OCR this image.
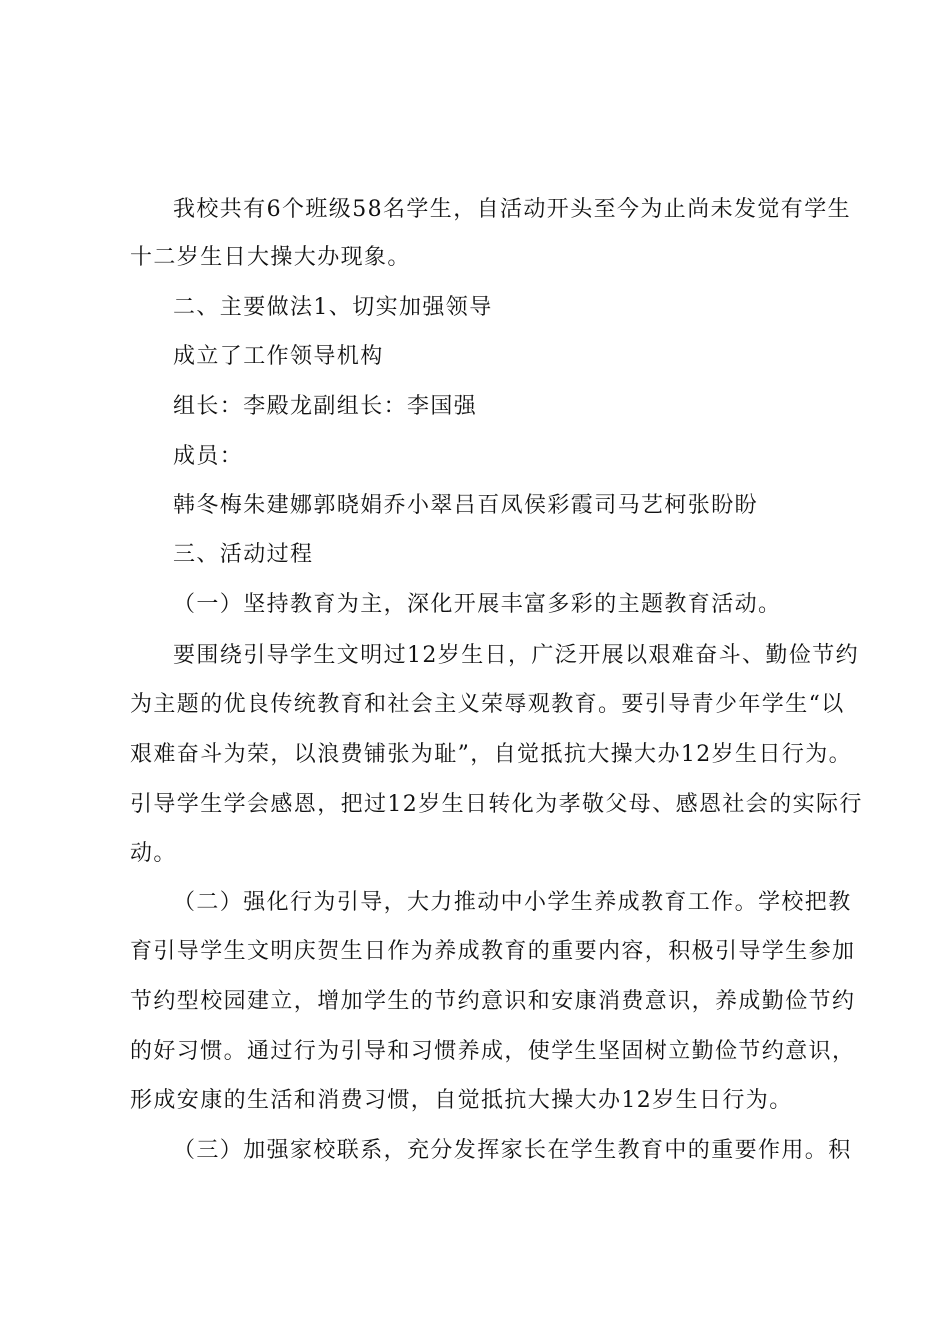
我校共有6个班级58名学生，自活动开头至今为止尚未发觉有学生
十二岁生日大操大办现象。
二、主要做法1、切实加强领导
成立了工作领导机构
组长：李殿龙副组长：李国强
成员：
韩冬梅朱建娜郭晓娟乔小翠吕百凤侯彩霞司马艺柯张盼盼
三、活动过程
（一）坚持教育为主，深化开展丰富多彩的主题教育活动。
要围绕引导学生文明过12岁生日，广泛开展以艰难奋斗、勤俭节约
为主题的优良传统教育和社会主义荣辱观教育。要引导青少年学生“以
艰难奋斗为荣，以浪费铺张为耻”，自觉抵抗大操大办12岁生日行为。
引导学生学会感恩，把过12岁生日转化为孝敬父母、感恩社会的实际行
动。
（二）强化行为引导，大力推动中小学生养成教育工作。学校把教
育引导学生文明庆贺生日作为养成教育的重要内容，积极引导学生参加
节约型校园建立，增加学生的节约意识和安康消费意识，养成勤俭节约
的好习惯。通过行为引导和习惯养成，使学生坚固树立勤俭节约意识，
形成安康的生活和消费习惯，自觉抵抗大操大办12岁生日行为。
（三）加强家校联系，充分发挥家长在学生教育中的重要作用。积
